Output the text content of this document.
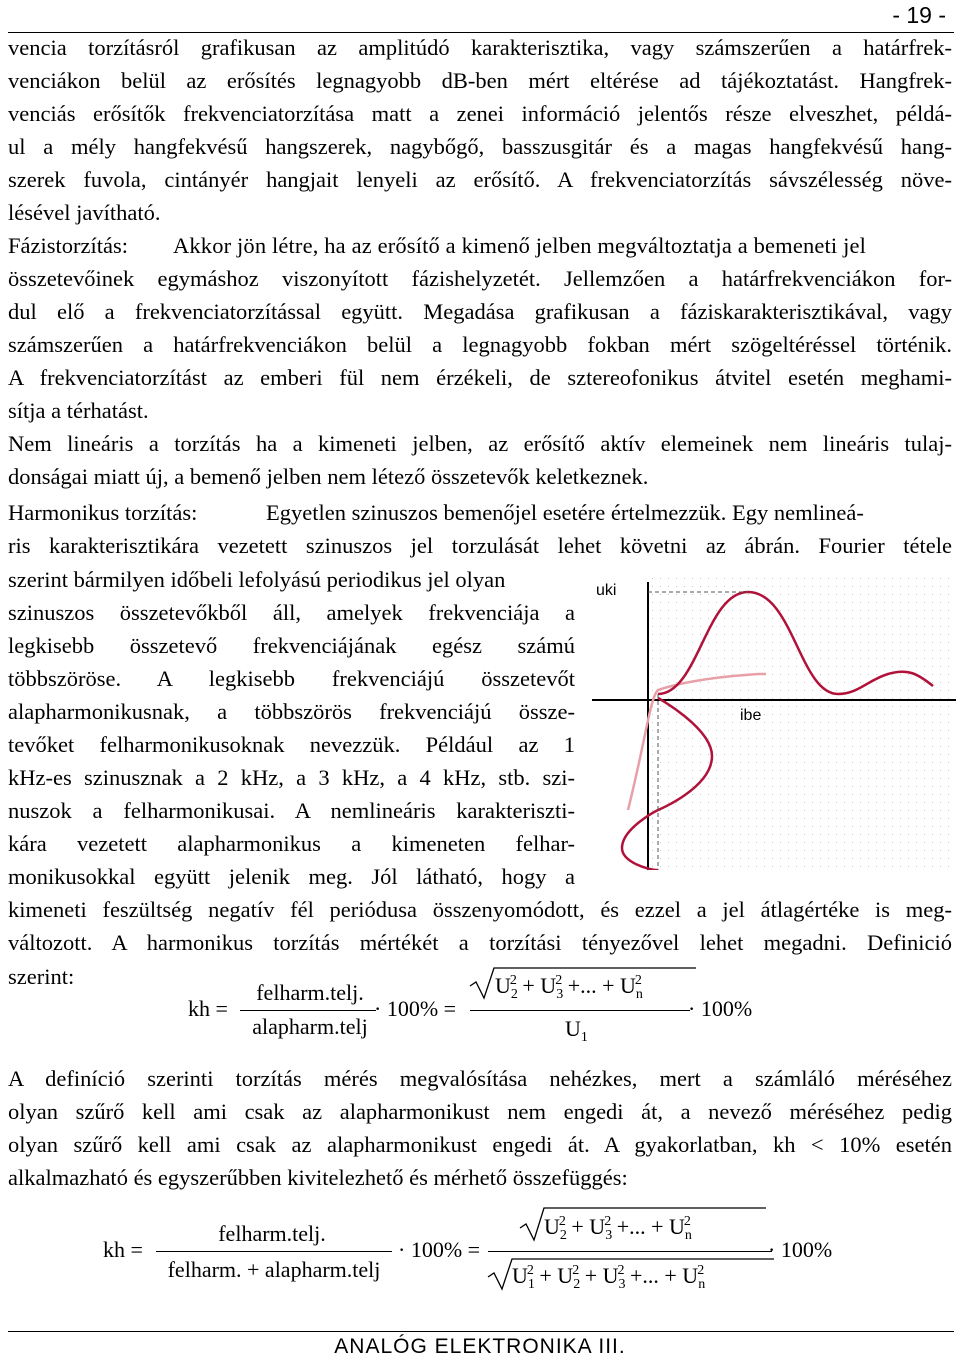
- 19 -
vencia torzításról grafikusan az amplitúdó karakterisztika, vagy számszerűen a határfrek-
venciákon belül az erősítés legnagyobb dB-ben mért eltérése ad tájékoztatást. Hangfrek-
venciás erősítők frekvenciatorzítása matt a zenei információ jelentős része elveszhet, példá-
ul a mély hangfekvésű hangszerek, nagybőgő, basszusgitár és a magas hangfekvésű hang-
szerek fuvola, cintányér hangjait lenyeli az erősítő. A frekvenciatorzítás sávszélesség növe-
lésével javítható.
Fázistorzítás: Akkor jön létre, ha az erősítő a kimenő jelben megváltoztatja a bemeneti jel
összetevőinek egymáshoz viszonyított fázishelyzetét. Jellemzően a határfrekvenciákon for-
dul elő a frekvenciatorzítással együtt. Megadása grafikusan a fáziskarakterisztikával, vagy
számszerűen a határfrekvenciákon belül a legnagyobb fokban mért szögeltéréssel történik.
A frekvenciatorzítást az emberi fül nem érzékeli, de sztereofonikus átvitel esetén meghami-
sítja a térhatást.
Nem lineáris a torzítás ha a kimeneti jelben, az erősítő aktív elemeinek nem lineáris tulaj-
donságai miatt új, a bemenő jelben nem létező összetevők keletkeznek.
Harmonikus torzítás:	Egyetlen szinuszos bemenőjel esetére értelmezzük. Egy nemlineá-
ris karakterisztikára vezetett szinuszos jel torzulását lehet követni az ábrán. Fourier tétele
szerint bármilyen időbeli lefolyású periodikus jel olyan
szinuszos összetevőkből áll, amelyek frekvenciája a
legkisebb összetevő frekvenciájának egész számú
többszöröse. A legkisebb frekvenciájú összetevőt
alapharmonikusnak, a többszörös frekvenciájú össze-
tevőket felharmonikusoknak nevezzük. Például az 1
kHz-es szinusznak a 2 kHz, a 3 kHz, a 4 kHz, stb. szi-
nuszok a felharmonikusai. A nemlineáris karakteriszti-
kára vezetett alapharmonikus a kimeneten felhar-
monikusokkal együtt jelenik meg. Jól látható, hogy a
uki
ibe
kimeneti feszültség negatív fél periódusa összenyomódott, és ezzel a jel átlagértéke is meg-
változott. A harmonikus torzítás mértékét a torzítási tényezővel lehet megadni. Definició
szerint:
kh =
felharm.telj.
alapharm.telj
· 100% =
$U_2^2 + U_3^2$ +... + $U_n^2$
$U_1$
· 100%
A definíció szerinti torzítás mérés megvalósítása nehézkes, mert a számláló méréséhez
olyan szűrő kell ami csak az alapharmonikust nem engedi át, a nevező méréséhez pedig
olyan szűrő kell ami csak az alapharmonikust engedi át. A gyakorlatban, kh < 10% esetén
alkalmazható és egyszerűbben kivitelezhető és mérhető összefüggés:
kh =
felharm.telj.
felharm. + alapharm.telj
· 100% =
$U_2^2 + U_3^2$ +... + $U_n^2$
$U_1^2 + U_2^2 + U_3^2$ +... + $U_n^2$
· 100%
ANALÓG ELEKTRONIKA III.
